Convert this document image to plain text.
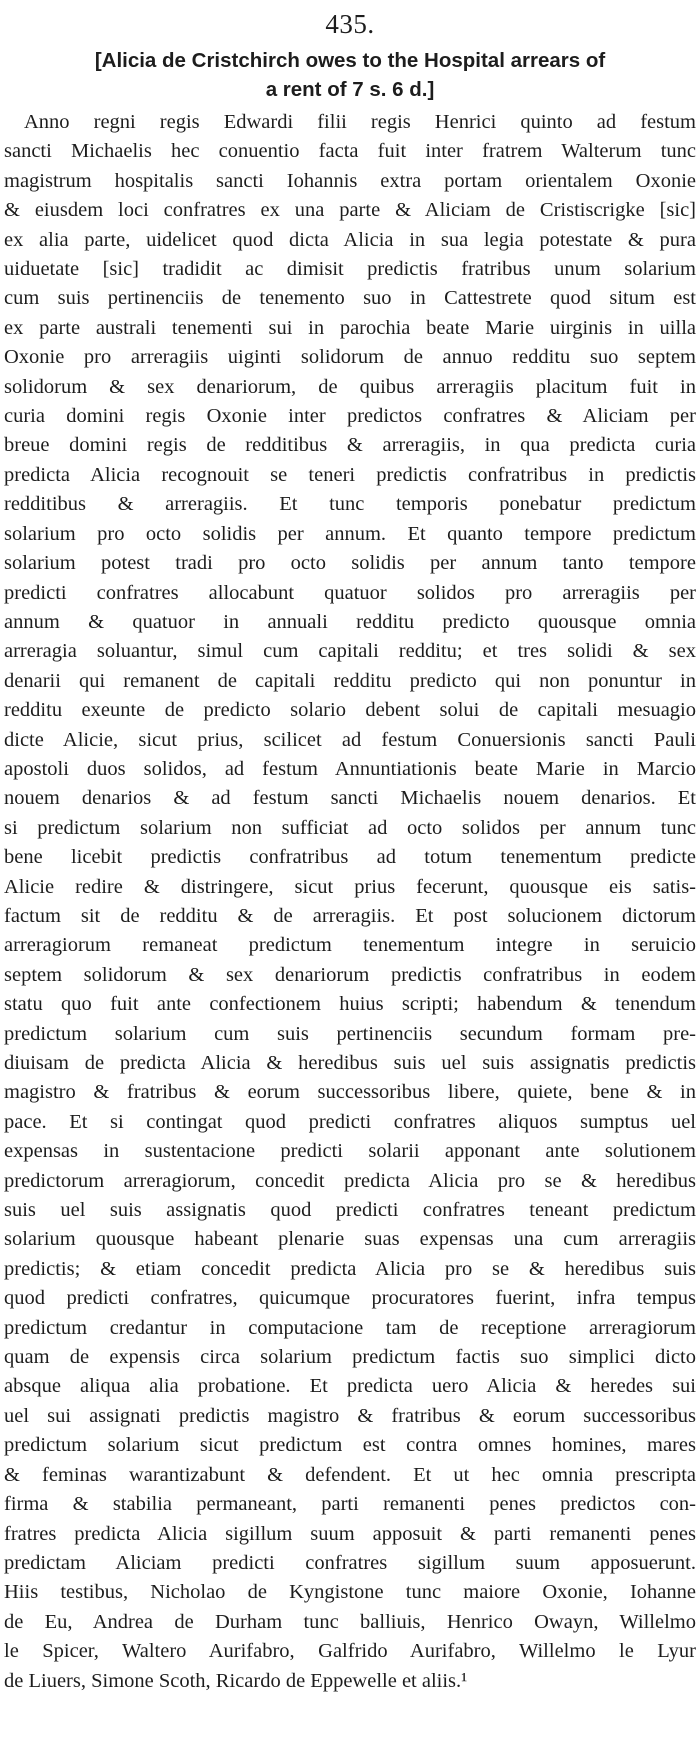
435.
[Alicia de Cristchirch owes to the Hospital arrears of
a rent of 7 s. 6 d.]
Anno regni regis Edwardi filii regis Henrici quinto ad festum
sancti Michaelis hec conuentio facta fuit inter fratrem Walterum tunc
magistrum hospitalis sancti Iohannis extra portam orientalem Oxonie
& eiusdem loci confratres ex una parte & Aliciam de Cristiscrigke [sic]
ex alia parte, uidelicet quod dicta Alicia in sua legia potestate & pura
uiduetate [sic] tradidit ac dimisit predictis fratribus unum solarium
cum suis pertinenciis de tenemento suo in Cattestrete quod situm est
ex parte australi tenementi sui in parochia beate Marie uirginis in uilla
Oxonie pro arreragiis uiginti solidorum de annuo redditu suo septem
solidorum & sex denariorum, de quibus arreragiis placitum fuit in
curia domini regis Oxonie inter predictos confratres & Aliciam per
breue domini regis de redditibus & arreragiis, in qua predicta curia
predicta Alicia recognouit se teneri predictis confratribus in predictis
redditibus & arreragiis. Et tunc temporis ponebatur predictum
solarium pro octo solidis per annum. Et quanto tempore predictum
solarium potest tradi pro octo solidis per annum tanto tempore
predicti confratres allocabunt quatuor solidos pro arreragiis per
annum & quatuor in annuali redditu predicto quousque omnia
arreragia soluantur, simul cum capitali redditu; et tres solidi & sex
denarii qui remanent de capitali redditu predicto qui non ponuntur in
redditu exeunte de predicto solario debent solui de capitali mesuagio
dicte Alicie, sicut prius, scilicet ad festum Conuersionis sancti Pauli
apostoli duos solidos, ad festum Annuntiationis beate Marie in Marcio
nouem denarios & ad festum sancti Michaelis nouem denarios. Et
si predictum solarium non sufficiat ad octo solidos per annum tunc
bene licebit predictis confratribus ad totum tenementum predicte
Alicie redire & distringere, sicut prius fecerunt, quousque eis satis-
factum sit de redditu & de arreragiis. Et post solucionem dictorum
arreragiorum remaneat predictum tenementum integre in seruicio
septem solidorum & sex denariorum predictis confratribus in eodem
statu quo fuit ante confectionem huius scripti; habendum & tenendum
predictum solarium cum suis pertinenciis secundum formam pre-
diuisam de predicta Alicia & heredibus suis uel suis assignatis predictis
magistro & fratribus & eorum successoribus libere, quiete, bene & in
pace. Et si contingat quod predicti confratres aliquos sumptus uel
expensas in sustentacione predicti solarii apponant ante solutionem
predictorum arreragiorum, concedit predicta Alicia pro se & heredibus
suis uel suis assignatis quod predicti confratres teneant predictum
solarium quousque habeant plenarie suas expensas una cum arreragiis
predictis; & etiam concedit predicta Alicia pro se & heredibus suis
quod predicti confratres, quicumque procuratores fuerint, infra tempus
predictum credantur in computacione tam de receptione arreragiorum
quam de expensis circa solarium predictum factis suo simplici dicto
absque aliqua alia probatione. Et predicta uero Alicia & heredes sui
uel sui assignati predictis magistro & fratribus & eorum successoribus
predictum solarium sicut predictum est contra omnes homines, mares
& feminas warantizabunt & defendent. Et ut hec omnia prescripta
firma & stabilia permaneant, parti remanenti penes predictos con-
fratres predicta Alicia sigillum suum apposuit & parti remanenti penes
predictam Aliciam predicti confratres sigillum suum apposuerunt.
Hiis testibus, Nicholao de Kyngistone tunc maiore Oxonie, Iohanne
de Eu, Andrea de Durham tunc balliuis, Henrico Owayn, Willelmo
le Spicer, Waltero Aurifabro, Galfrido Aurifabro, Willelmo le Lyur
de Liuers, Simone Scoth, Ricardo de Eppewelle et aliis.¹
